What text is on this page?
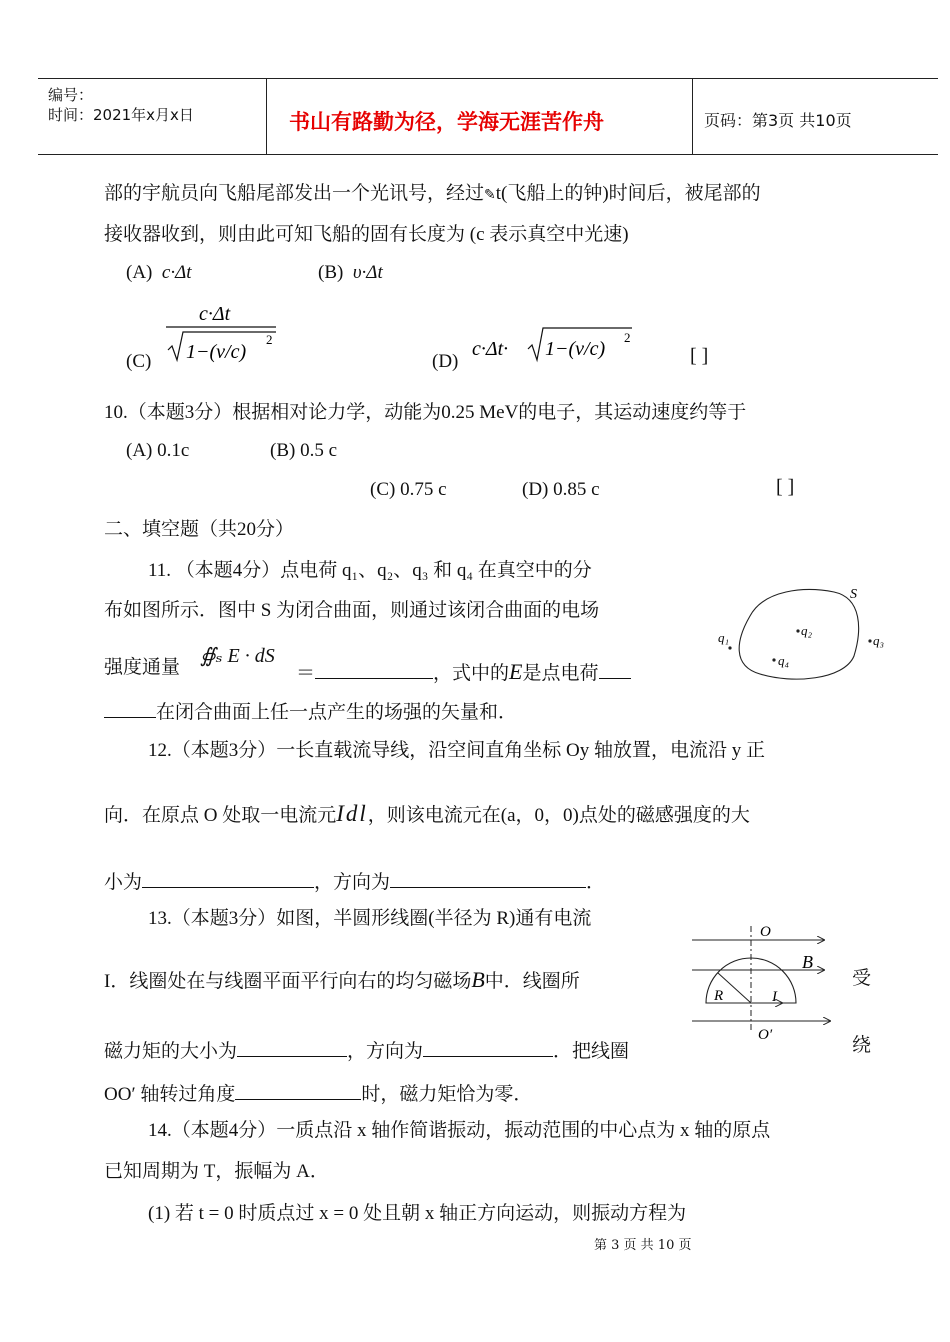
编号：
时间：2021年x月x日	书山有路勤为径，学海无涯苦作舟	页码：第3页 共10页
部的宇航员向飞船尾部发出一个光讯号，经过✎t(飞船上的钟)时间后，被尾部的
接收器收到，则由此可知飞船的固有长度为 (c 表示真空中光速)
(A) c·Δt	(B) υ·Δt
(C)
c·Δt
1−(v/c)
2
(D)
c·Δt· 1−(v/c)
2
[ ]
10.（本题3分）根据相对论力学，动能为0.25 MeV的电子，其运动速度约等于
(A) 0.1c	(B) 0.5 c
(C) 0.75 c	(D) 0.85 c	[ ]
二、填空题（共20分）
11. （本题4分）点电荷 q₁、q₂、q₃ 和 q₄ 在真空中的分
布如图所示．图中 S 为闭合曲面，则通过该闭合曲面的电场
强度通量
∯ₛ E · dS
＝	，式中的E是点电荷
在闭合曲面上任一点产生的场强的矢量和．
S
q₁	q₂
q₃
q₄
12.（本题3分）一长直载流导线，沿空间直角坐标 Oy 轴放置，电流沿 y 正
向．在原点 O 处取一电流元Idl，则该电流元在(a，0，0)点处的磁感强度的大
小为	，方向为	．
13.（本题3分）如图，半圆形线圈(半径为 R)通有电流
I．线圈处在与线圈平面平行向右的均匀磁场B中．线圈所	受
磁力矩的大小为	，方向为	．把线圈	绕
OO′ 轴转过角度	时，磁力矩恰为零．
O
B
R	I
O′
14.（本题4分）一质点沿 x 轴作简谐振动，振动范围的中心点为 x 轴的原点
已知周期为 T，振幅为 A．
(1) 若 t = 0 时质点过 x = 0 处且朝 x 轴正方向运动，则振动方程为
第 3 页 共 10 页
